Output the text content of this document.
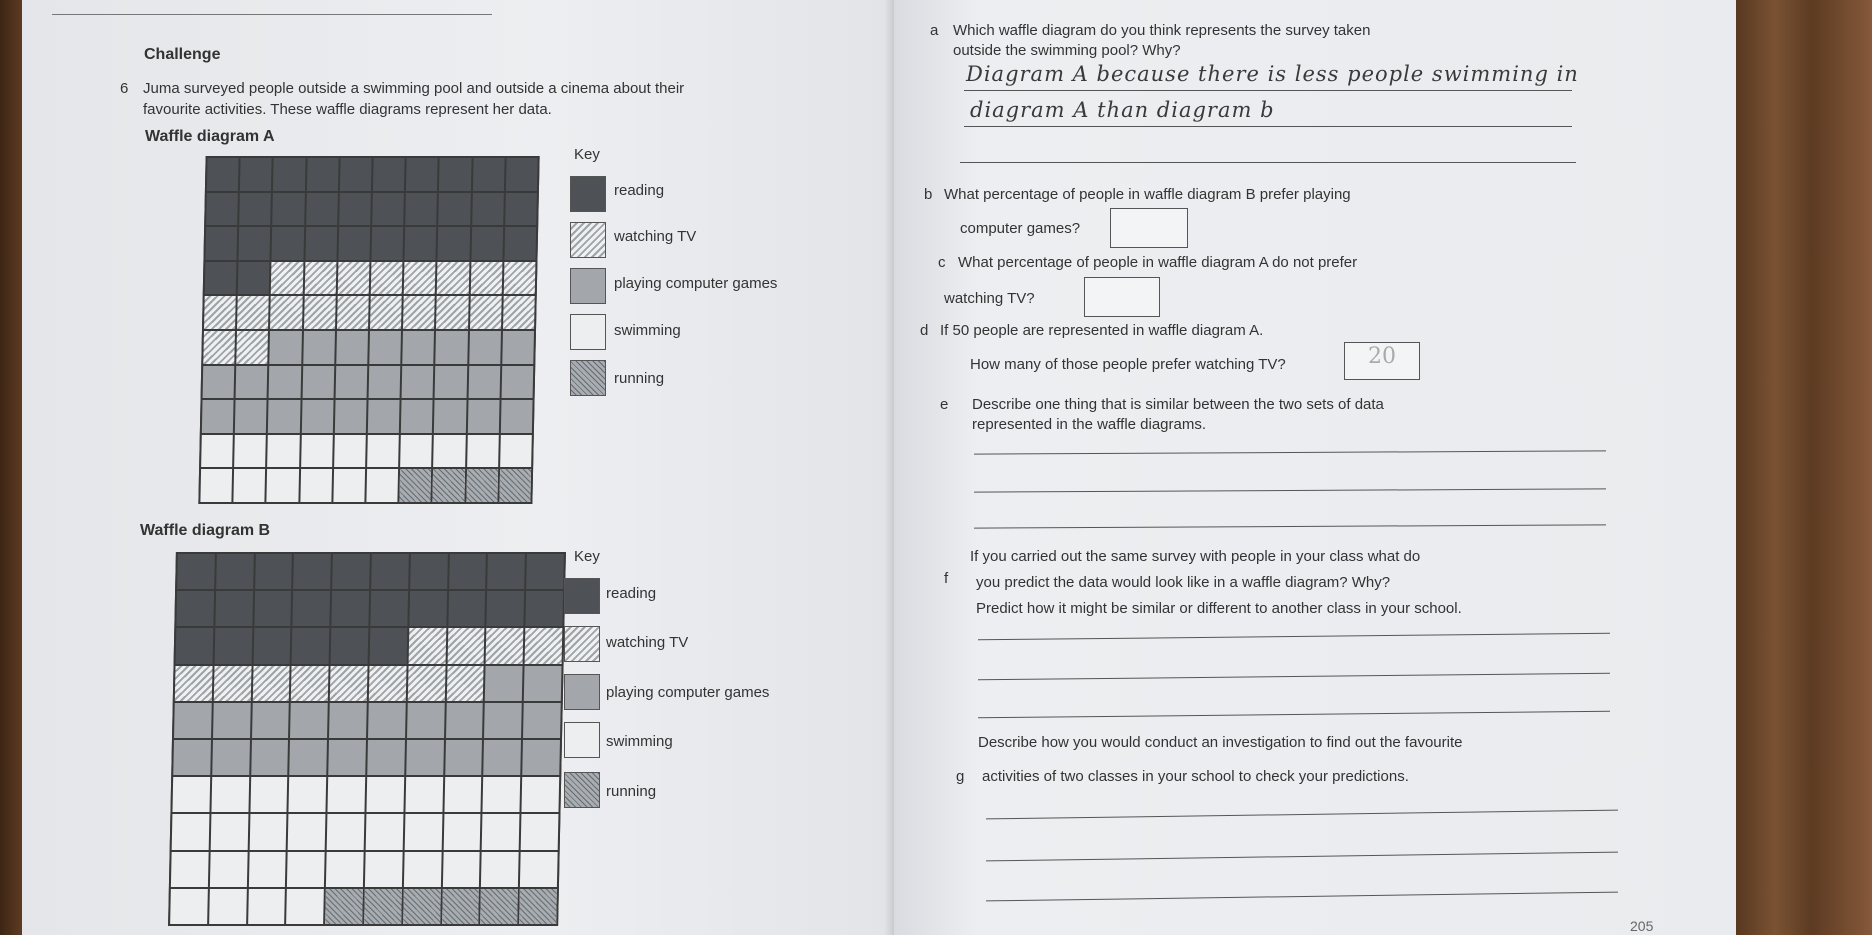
Challenge
6 Juma surveyed people outside a swimming pool and outside a cinema about their
favourite activities. These waffle diagrams represent her data.
Waffle diagram A
Key
reading
watching TV
playing computer games
swimming
running
Waffle diagram B
Key
reading
watching TV
playing computer games
swimming
running
a Which waffle diagram do you think represents the survey taken
outside the swimming pool? Why?
Diagram A because there is less people swimming in
diagram A than diagram b
b What percentage of people in waffle diagram B prefer playing
computer games?
c What percentage of people in waffle diagram A do not prefer
watching TV?
d If 50 people are represented in waffle diagram A.
How many of those people prefer watching TV?	20
e Describe one thing that is similar between the two sets of data
represented in the waffle diagrams.
f
If you carried out the same survey with people in your class what do
you predict the data would look like in a waffle diagram? Why?
Predict how it might be similar or different to another class in your school.
g
Describe how you would conduct an investigation to find out the favourite
activities of two classes in your school to check your predictions.
205
